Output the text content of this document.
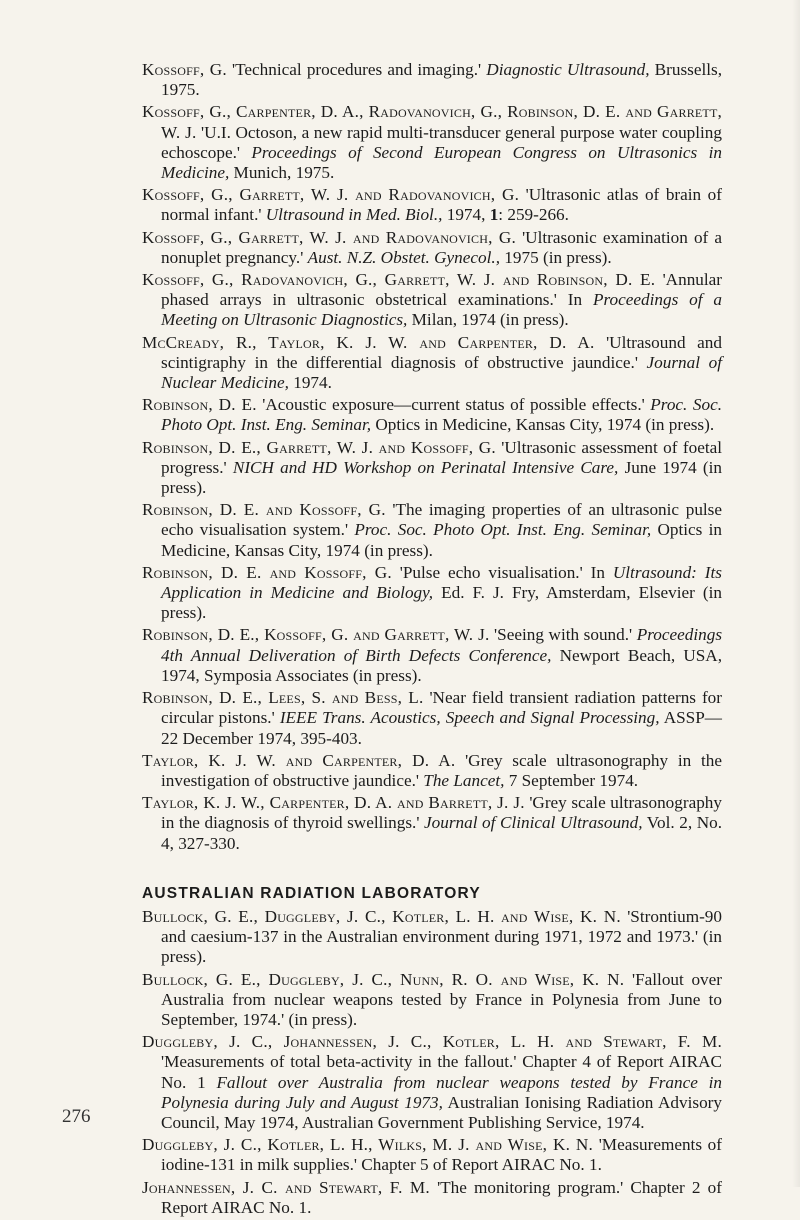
Kossoff, G. 'Technical procedures and imaging.' Diagnostic Ultrasound, Brussells, 1975.

Kossoff, G., Carpenter, D. A., Radovanovich, G., Robinson, D. E. and Garrett, W. J. 'U.I. Octoson, a new rapid multi-transducer general purpose water coupling echoscope.' Proceedings of Second European Congress on Ultrasonics in Medicine, Munich, 1975.

Kossoff, G., Garrett, W. J. and Radovanovich, G. 'Ultrasonic atlas of brain of normal infant.' Ultrasound in Med. Biol., 1974, 1: 259-266.

Kossoff, G., Garrett, W. J. and Radovanovich, G. 'Ultrasonic examination of a nonuplet pregnancy.' Aust. N.Z. Obstet. Gynecol., 1975 (in press).

Kossoff, G., Radovanovich, G., Garrett, W. J. and Robinson, D. E. 'Annular phased arrays in ultrasonic obstetrical examinations.' In Proceedings of a Meeting on Ultrasonic Diagnostics, Milan, 1974 (in press).

McCready, R., Taylor, K. J. W. and Carpenter, D. A. 'Ultrasound and scintigraphy in the differential diagnosis of obstructive jaundice.' Journal of Nuclear Medicine, 1974.

Robinson, D. E. 'Acoustic exposure—current status of possible effects.' Proc. Soc. Photo Opt. Inst. Eng. Seminar, Optics in Medicine, Kansas City, 1974 (in press).

Robinson, D. E., Garrett, W. J. and Kossoff, G. 'Ultrasonic assessment of foetal progress.' NICH and HD Workshop on Perinatal Intensive Care, June 1974 (in press).

Robinson, D. E. and Kossoff, G. 'The imaging properties of an ultrasonic pulse echo visualisation system.' Proc. Soc. Photo Opt. Inst. Eng. Seminar, Optics in Medicine, Kansas City, 1974 (in press).

Robinson, D. E. and Kossoff, G. 'Pulse echo visualisation.' In Ultrasound: Its Application in Medicine and Biology, Ed. F. J. Fry, Amsterdam, Elsevier (in press).

Robinson, D. E., Kossoff, G. and Garrett, W. J. 'Seeing with sound.' Proceedings 4th Annual Deliveration of Birth Defects Conference, Newport Beach, USA, 1974, Symposia Associates (in press).

Robinson, D. E., Lees, S. and Bess, L. 'Near field transient radiation patterns for circular pistons.' IEEE Trans. Acoustics, Speech and Signal Processing, ASSP—22 December 1974, 395-403.

Taylor, K. J. W. and Carpenter, D. A. 'Grey scale ultrasonography in the investigation of obstructive jaundice.' The Lancet, 7 September 1974.

Taylor, K. J. W., Carpenter, D. A. and Barrett, J. J. 'Grey scale ultrasonography in the diagnosis of thyroid swellings.' Journal of Clinical Ultrasound, Vol. 2, No. 4, 327-330.

AUSTRALIAN RADIATION LABORATORY

Bullock, G. E., Duggleby, J. C., Kotler, L. H. and Wise, K. N. 'Strontium-90 and caesium-137 in the Australian environment during 1971, 1972 and 1973.' (in press).

Bullock, G. E., Duggleby, J. C., Nunn, R. O. and Wise, K. N. 'Fallout over Australia from nuclear weapons tested by France in Polynesia from June to September, 1974.' (in press).

Duggleby, J. C., Johannessen, J. C., Kotler, L. H. and Stewart, F. M. 'Measurements of total beta-activity in the fallout.' Chapter 4 of Report AIRAC No. 1 Fallout over Australia from nuclear weapons tested by France in Polynesia during July and August 1973, Australian Ionising Radiation Advisory Council, May 1974, Australian Government Publishing Service, 1974.

Duggleby, J. C., Kotler, L. H., Wilks, M. J. and Wise, K. N. 'Measurements of iodine-131 in milk supplies.' Chapter 5 of Report AIRAC No. 1.

Johannessen, J. C. and Stewart, F. M. 'The monitoring program.' Chapter 2 of Report AIRAC No. 1.

276
